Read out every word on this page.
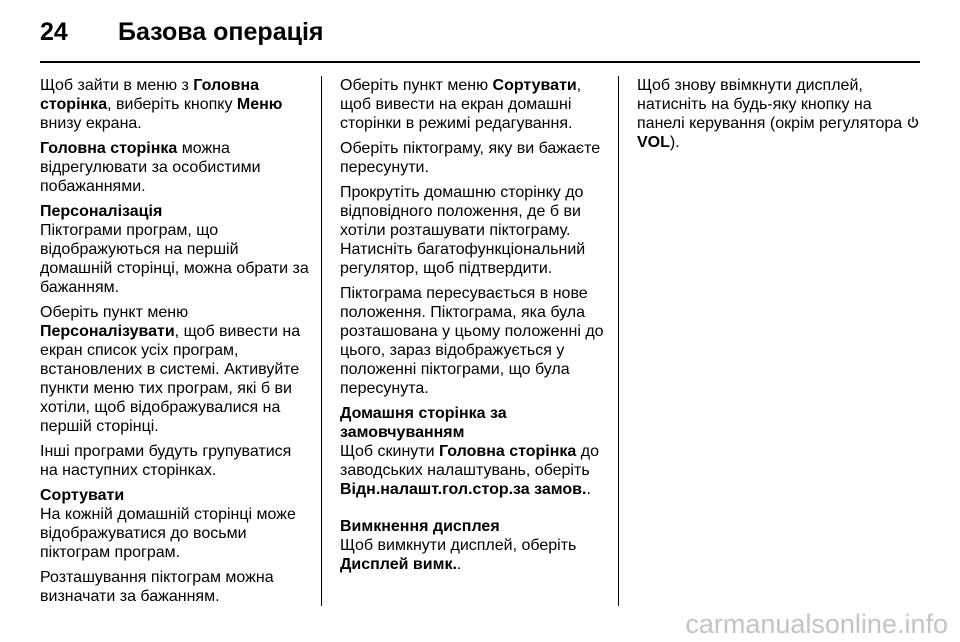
24 Базова операція

Щоб зайти в меню з Головна сторінка, виберіть кнопку Меню внизу екрана.

Головна сторінка можна відрегулювати за особистими побажаннями.

Персоналізація

Піктограми програм, що відображуються на першій домашній сторінці, можна обрати за бажанням.

Оберіть пункт меню Персоналізувати, щоб вивести на екран список усіх програм, встановлених в системі. Активуйте пункти меню тих програм, які б ви хотіли, щоб відображувалися на першій сторінці.

Інші програми будуть групуватися на наступних сторінках.

Сортувати

На кожній домашній сторінці може відображуватися до восьми піктограм програм.

Розташування піктограм можна визначати за бажанням.

Оберіть пункт меню Сортувати, щоб вивести на екран домашні сторінки в режимі редагування.

Оберіть піктограму, яку ви бажаєте пересунути.

Прокрутіть домашню сторінку до відповідного положення, де б ви хотіли розташувати піктограму. Натисніть багатофункціональний регулятор, щоб підтвердити.

Піктограма пересувається в нове положення. Піктограма, яка була розташована у цьому положенні до цього, зараз відображується у положенні піктограми, що була пересунута.

Домашня сторінка за замовчуванням

Щоб скинути Головна сторінка до заводських налаштувань, оберіть Відн.налашт.гол.стор.за замов..

Вимкнення дисплея

Щоб вимкнути дисплей, оберіть Дисплей вимк..

Щоб знову ввімкнути дисплей, натисніть на будь-яку кнопку на панелі керування (окрім регулятора  VOL).

carmanualsonline.info
